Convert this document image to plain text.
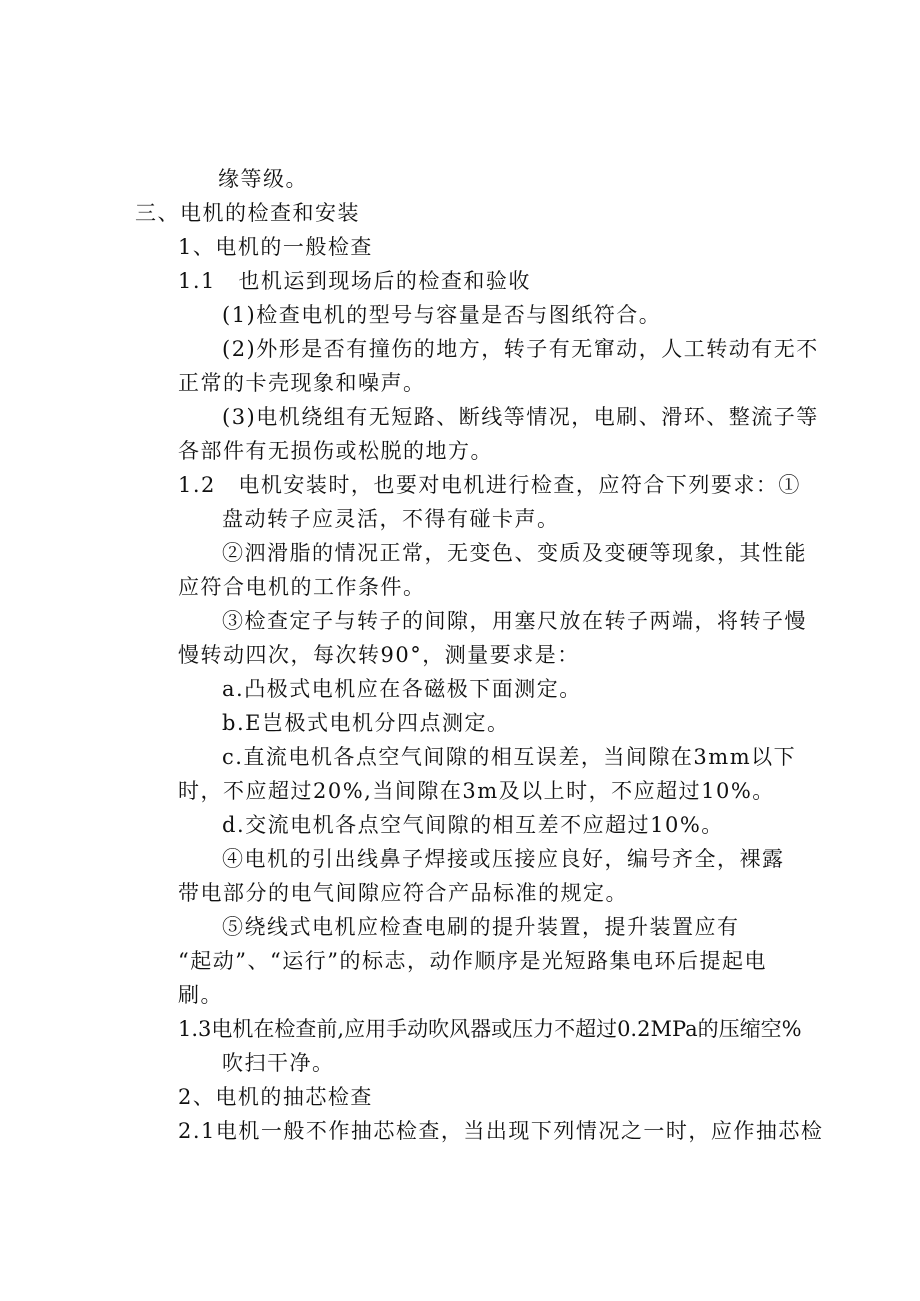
缘等级。
三、电机的检查和安装
1、电机的一般检查
1.1　也机运到现场后的检查和验收
(1)检查电机的型号与容量是否与图纸符合。
(2)外形是否有撞伤的地方，转子有无窜动，人工转动有无不
正常的卡壳现象和噪声。
(3)电机绕组有无短路、断线等情况，电刷、滑环、整流子等
各部件有无损伤或松脱的地方。
1.2　电机安装时，也要对电机进行检查，应符合下列要求：①
盘动转子应灵活，不得有碰卡声。
②泗滑脂的情况正常，无变色、变质及变硬等现象，其性能
应符合电机的工作条件。
③检查定子与转子的间隙，用塞尺放在转子两端，将转子慢
慢转动四次，每次转90°，测量要求是：
a.凸极式电机应在各磁极下面测定。
b.E岂极式电机分四点测定。
c.直流电机各点空气间隙的相互误差，当间隙在3mm以下
时，不应超过20%,当间隙在3m及以上时，不应超过10%。
d.交流电机各点空气间隙的相互差不应超过10%。
④电机的引出线鼻子焊接或压接应良好，编号齐全，裸露
带电部分的电气间隙应符合产品标准的规定。
⑤绕线式电机应检查电刷的提升装置，提升装置应有
“起动”、“运行”的标志，动作顺序是光短路集电环后提起电
刷。
1.3电机在检查前,应用手动吹风器或压力不超过0.2MPa的压缩空%
吹扫干净。
2、电机的抽芯检查
2.1电机一般不作抽芯检查，当出现下列情况之一时，应作抽芯检
